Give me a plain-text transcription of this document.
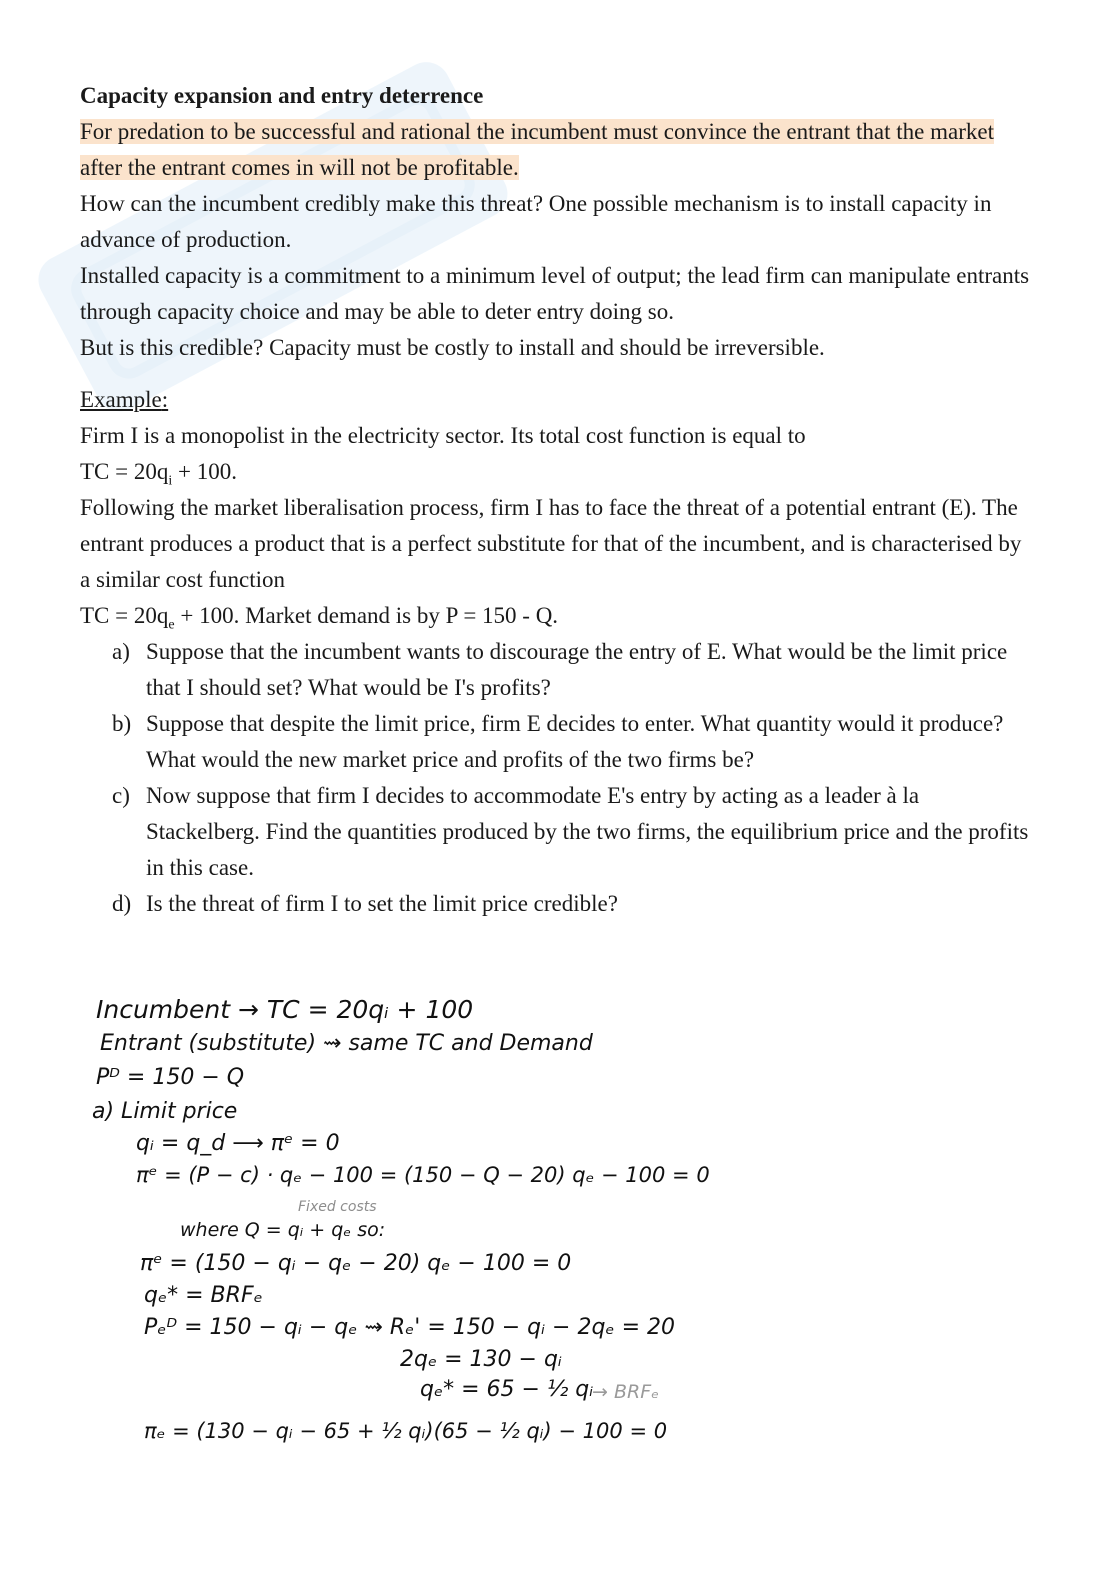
Capacity expansion and entry deterrence

For predation to be successful and rational the incumbent must convince the entrant that the market after the entrant comes in will not be profitable.

How can the incumbent credibly make this threat? One possible mechanism is to install capacity in advance of production.

Installed capacity is a commitment to a minimum level of output; the lead firm can manipulate entrants through capacity choice and may be able to deter entry doing so.

But is this credible? Capacity must be costly to install and should be irreversible.

Example:

Firm I is a monopolist in the electricity sector. Its total cost function is equal to

TC = $20q_i + 100$.

Following the market liberalisation process, firm I has to face the threat of a potential entrant (E). The entrant produces a product that is a perfect substitute for that of the incumbent, and is characterised by a similar cost function

TC = $20q_e + 100$. Market demand is by P = 150 - Q.

a) Suppose that the incumbent wants to discourage the entry of E. What would be the limit price that I should set? What would be I's profits?
b) Suppose that despite the limit price, firm E decides to enter. What quantity would it produce? What would the new market price and profits of the two firms be?
c) Now suppose that firm I decides to accommodate E's entry by acting as a leader à la Stackelberg. Find the quantities produced by the two firms, the equilibrium price and the profits in this case.
d) Is the threat of firm I to set the limit price credible?
Incumbent → TC = 20qᵢ + 100
Entrant (substitute) ⇝ same TC and Demand
Pᴰ = 150 − Q
a) Limit price
qᵢ = q_d ⟶ πᵉ = 0
πᵉ = (P − c) · qₑ − 100 = (150 − Q − 20) qₑ − 100 = 0
Fixed costs
where Q = qᵢ + qₑ so:
πᵉ = (150 − qᵢ − qₑ − 20) qₑ − 100 = 0
qₑ* = BRFₑ
Pₑᴰ = 150 − qᵢ − qₑ ⇝ Rₑ' = 150 − qᵢ − 2qₑ = 20
2qₑ = 130 − qᵢ
qₑ* = 65 − ½ qᵢ
→ BRFₑ
πₑ = (130 − qᵢ − 65 + ½ qᵢ)(65 − ½ qᵢ) − 100 = 0
